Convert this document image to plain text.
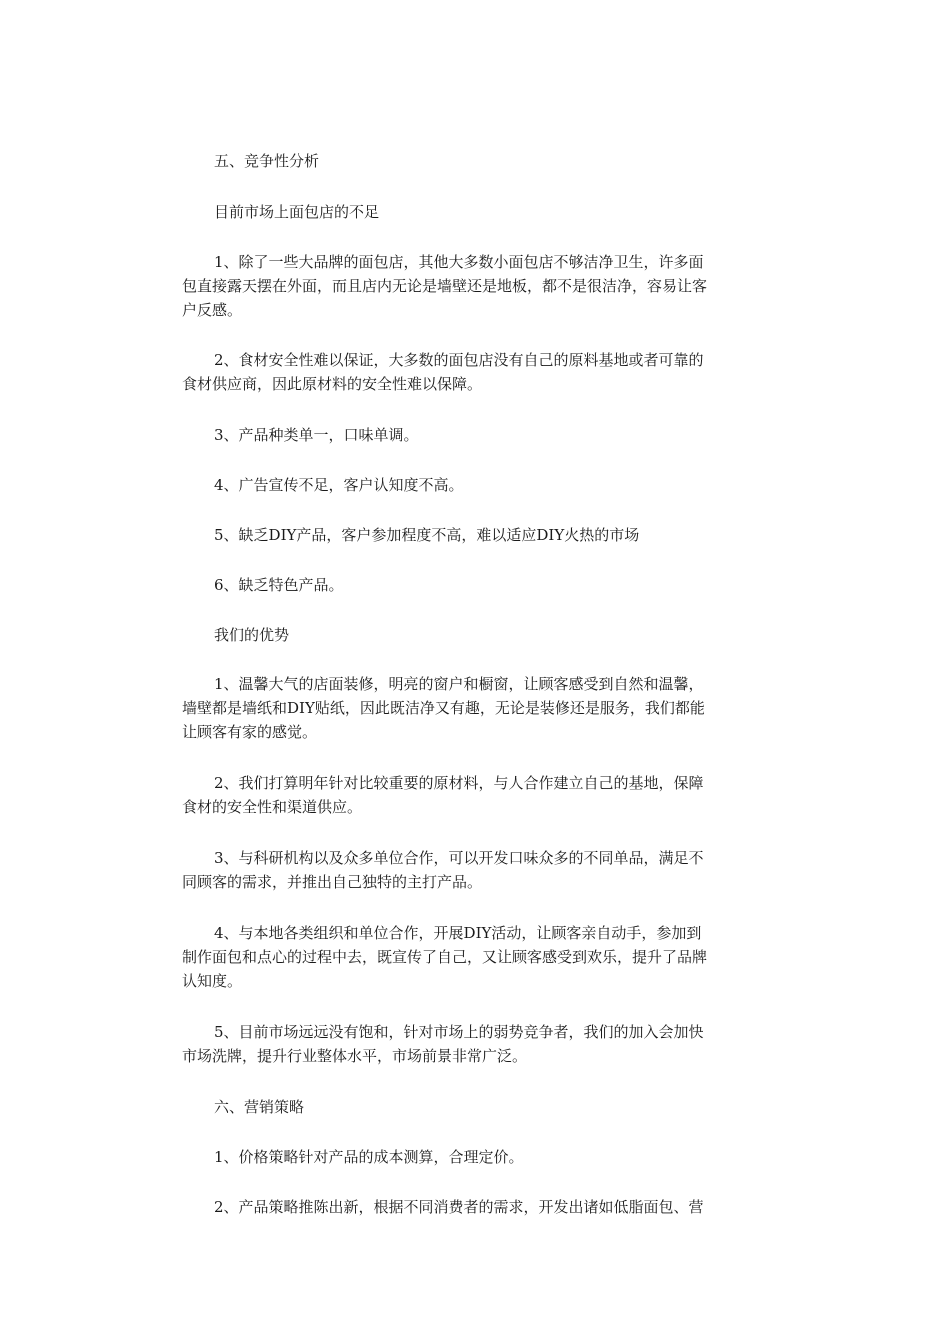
五、竞争性分析
目前市场上面包店的不足
1、除了一些大品牌的面包店，其他大多数小面包店不够洁净卫生，许多面
包直接露天摆在外面，而且店内无论是墙壁还是地板，都不是很洁净，容易让客
户反感。
2、食材安全性难以保证，大多数的面包店没有自己的原料基地或者可靠的
食材供应商，因此原材料的安全性难以保障。
3、产品种类单一，口味单调。
4、广告宣传不足，客户认知度不高。
5、缺乏DIY产品，客户参加程度不高，难以适应DIY火热的市场
6、缺乏特色产品。
我们的优势
1、温馨大气的店面装修，明亮的窗户和橱窗，让顾客感受到自然和温馨，
墙壁都是墙纸和DIY贴纸，因此既洁净又有趣，无论是装修还是服务，我们都能
让顾客有家的感觉。
2、我们打算明年针对比较重要的原材料，与人合作建立自己的基地，保障
食材的安全性和渠道供应。
3、与科研机构以及众多单位合作，可以开发口味众多的不同单品，满足不
同顾客的需求，并推出自己独特的主打产品。
4、与本地各类组织和单位合作，开展DIY活动，让顾客亲自动手，参加到
制作面包和点心的过程中去，既宣传了自己，又让顾客感受到欢乐，提升了品牌
认知度。
5、目前市场远远没有饱和，针对市场上的弱势竞争者，我们的加入会加快
市场洗牌，提升行业整体水平，市场前景非常广泛。
六、营销策略
1、价格策略针对产品的成本测算，合理定价。
2、产品策略推陈出新，根据不同消费者的需求，开发出诸如低脂面包、营
